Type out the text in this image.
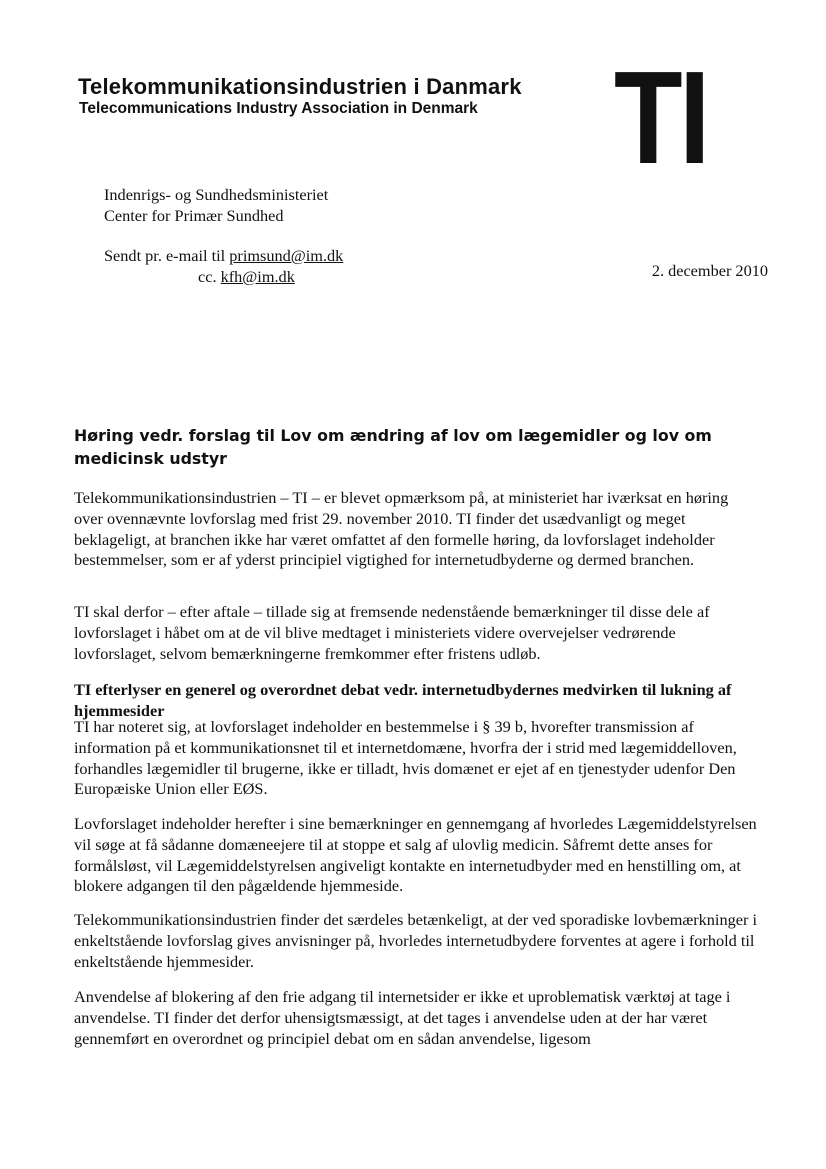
Telekommunikationsindustrien i Danmark
Telecommunications Industry Association in Denmark TI
Indenrigs- og Sundhedsministeriet
Center for Primær Sundhed
Sendt pr. e-mail til primsund@im.dk
cc. kfh@im.dk	2. december 2010
Høring vedr. forslag til Lov om ændring af lov om lægemidler og lov om medicinsk udstyr

Telekommunikationsindustrien – TI – er blevet opmærksom på, at ministeriet har iværksat en høring over ovennævnte lovforslag med frist 29. november 2010. TI finder det usædvanligt og meget beklageligt, at branchen ikke har været omfattet af den formelle høring, da lovforslaget indeholder bestemmelser, som er af yderst principiel vigtighed for internetudbyderne og dermed branchen.

TI skal derfor – efter aftale – tillade sig at fremsende nedenstående bemærkninger til disse dele af lovforslaget i håbet om at de vil blive medtaget i ministeriets videre overvejelser vedrørende lovforslaget, selvom bemærkningerne fremkommer efter fristens udløb.

TI efterlyser en generel og overordnet debat vedr. internetudbydernes medvirken til lukning af hjemmesider

TI har noteret sig, at lovforslaget indeholder en bestemmelse i § 39 b, hvorefter transmission af information på et kommunikationsnet til et internetdomæne, hvorfra der i strid med lægemiddelloven, forhandles lægemidler til brugerne, ikke er tilladt, hvis domænet er ejet af en tjenestyder udenfor Den Europæiske Union eller EØS.

Lovforslaget indeholder herefter i sine bemærkninger en gennemgang af hvorledes Lægemiddelstyrelsen vil søge at få sådanne domæneejere til at stoppe et salg af ulovlig medicin. Såfremt dette anses for formålsløst, vil Lægemiddelstyrelsen angiveligt kontakte en internetudbyder med en henstilling om, at blokere adgangen til den pågældende hjemmeside.

Telekommunikationsindustrien finder det særdeles betænkeligt, at der ved sporadiske lovbemærkninger i enkeltstående lovforslag gives anvisninger på, hvorledes internetudbydere forventes at agere i forhold til enkeltstående hjemmesider.

Anvendelse af blokering af den frie adgang til internetsider er ikke et uproblematisk værktøj at tage i anvendelse. TI finder det derfor uhensigtsmæssigt, at det tages i anvendelse uden at der har været gennemført en overordnet og principiel debat om en sådan anvendelse, ligesom
